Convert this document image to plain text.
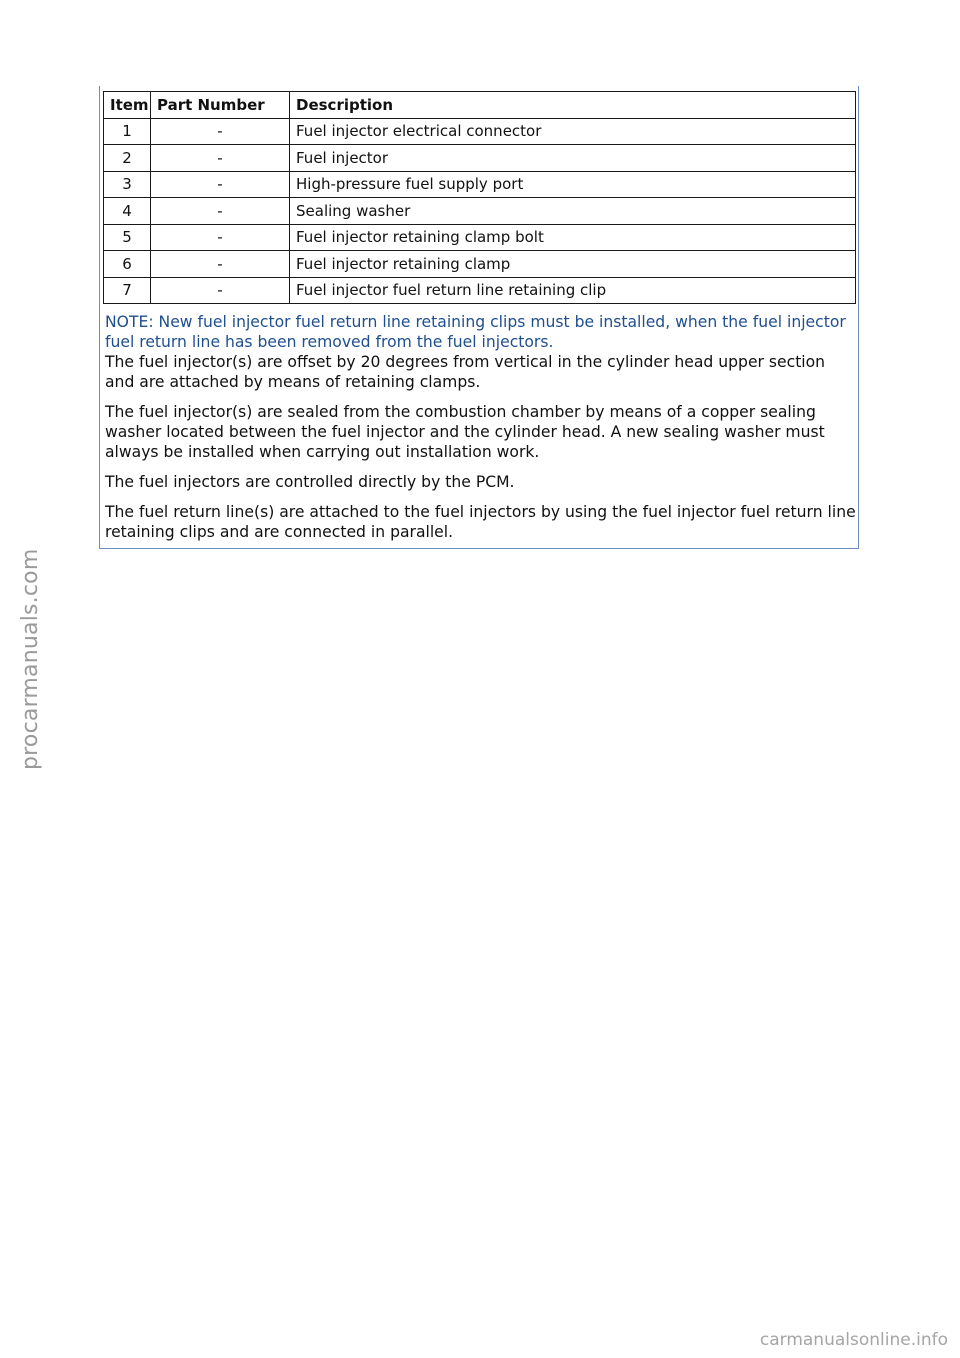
Item	Part Number	Description
1	-	Fuel injector electrical connector
2	-	Fuel injector
3	-	High-pressure fuel supply port
4	-	Sealing washer
5	-	Fuel injector retaining clamp bolt
6	-	Fuel injector retaining clamp
7	-	Fuel injector fuel return line retaining clip

NOTE: New fuel injector fuel return line retaining clips must be installed, when the fuel injector fuel return line has been removed from the fuel injectors.

The fuel injector(s) are offset by 20 degrees from vertical in the cylinder head upper section and are attached by means of retaining clamps.

The fuel injector(s) are sealed from the combustion chamber by means of a copper sealing washer located between the fuel injector and the cylinder head. A new sealing washer must always be installed when carrying out installation work.

The fuel injectors are controlled directly by the PCM.

The fuel return line(s) are attached to the fuel injectors by using the fuel injector fuel return line retaining clips and are connected in parallel.

procarmanuals.com
carmanualsonline.info
